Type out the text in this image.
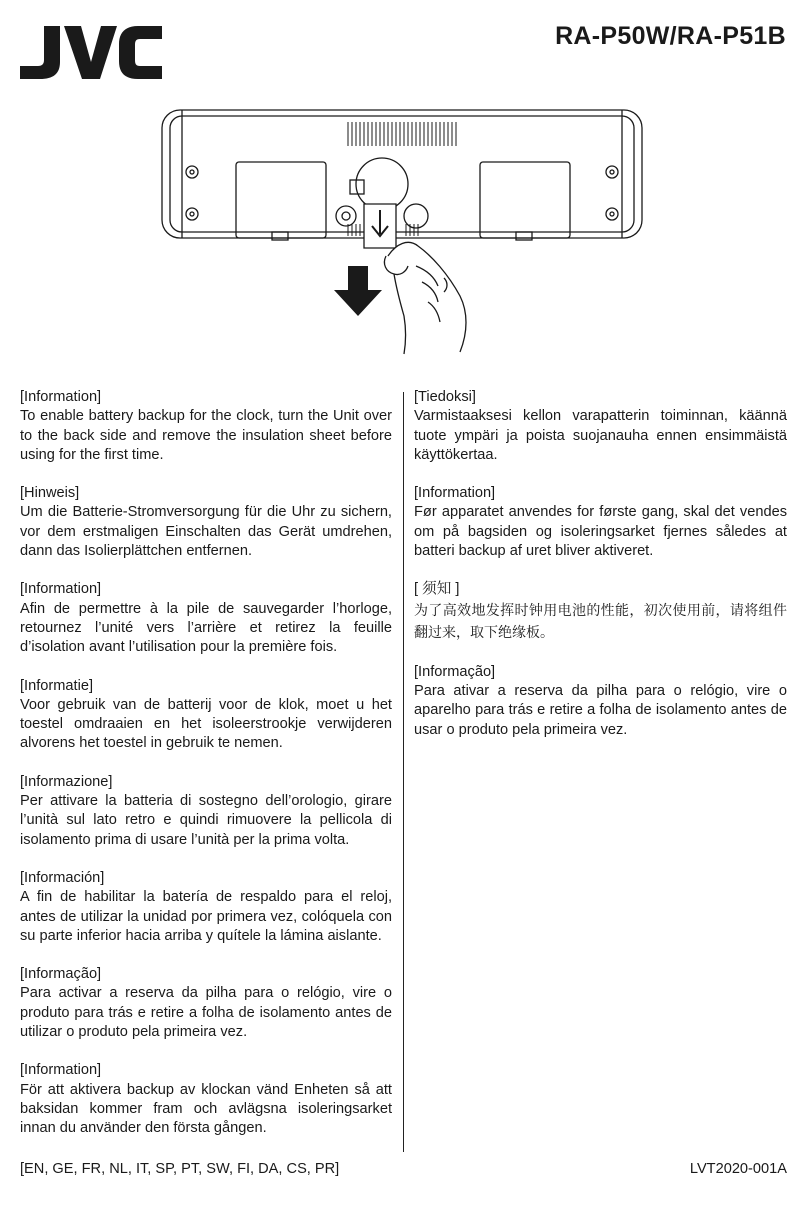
RA-P50W/RA-P51B
[Information]
To enable battery backup for the clock, turn the Unit over to the back side and remove the insulation sheet before using for the first time.
[Hinweis]
Um die Batterie-Stromversorgung für die Uhr zu sichern, vor dem erstmaligen Einschalten das Gerät umdrehen, dann das Isolierplättchen entfernen.
[Information]
Afin de permettre à la pile de sauvegarder l’horloge, retournez l’unité vers l’arrière et retirez la feuille d’isolation avant l’utilisation pour la première fois.
[Informatie]
Voor gebruik van de batterij voor de klok, moet u het toestel omdraaien en het isoleerstrookje verwijderen alvorens het toestel in gebruik te nemen.
[Informazione]
Per attivare la batteria di sostegno dell’orologio, girare l’unità sul lato retro e quindi rimuovere la pellicola di isolamento prima di usare l’unità per la prima volta.
[Información]
A fin de habilitar la batería de respaldo para el reloj, antes de utilizar la unidad por primera vez, colóquela con su parte inferior hacia arriba y quítele la lámina aislante.
[Informação]
Para activar a reserva da pilha para o relógio, vire o produto para trás e retire a folha de isolamento antes de utilizar o produto pela primeira vez.
[Information]
För att aktivera backup av klockan vänd Enheten så att baksidan kommer fram och avlägsna isoleringsarket innan du använder den första gången.
[Tiedoksi]
Varmistaaksesi kellon varapatterin toiminnan, käännä tuote ympäri ja poista suojanauha ennen ensimmäistä käyttökertaa.
[Information]
Før apparatet anvendes for første gang, skal det vendes om på bagsiden og isoleringsarket fjernes således at batteri backup af uret bliver aktiveret.
[ 须知 ]
为了高效地发挥时钟用电池的性能，初次使用前，请将组件翻过来，取下绝缘板。
[Informação]
Para ativar a reserva da pilha para o relógio, vire o aparelho para trás e retire a folha de isolamento antes de usar o produto pela primeira vez.
[EN, GE, FR, NL, IT, SP, PT, SW, FI, DA, CS, PR]	LVT2020-001A
